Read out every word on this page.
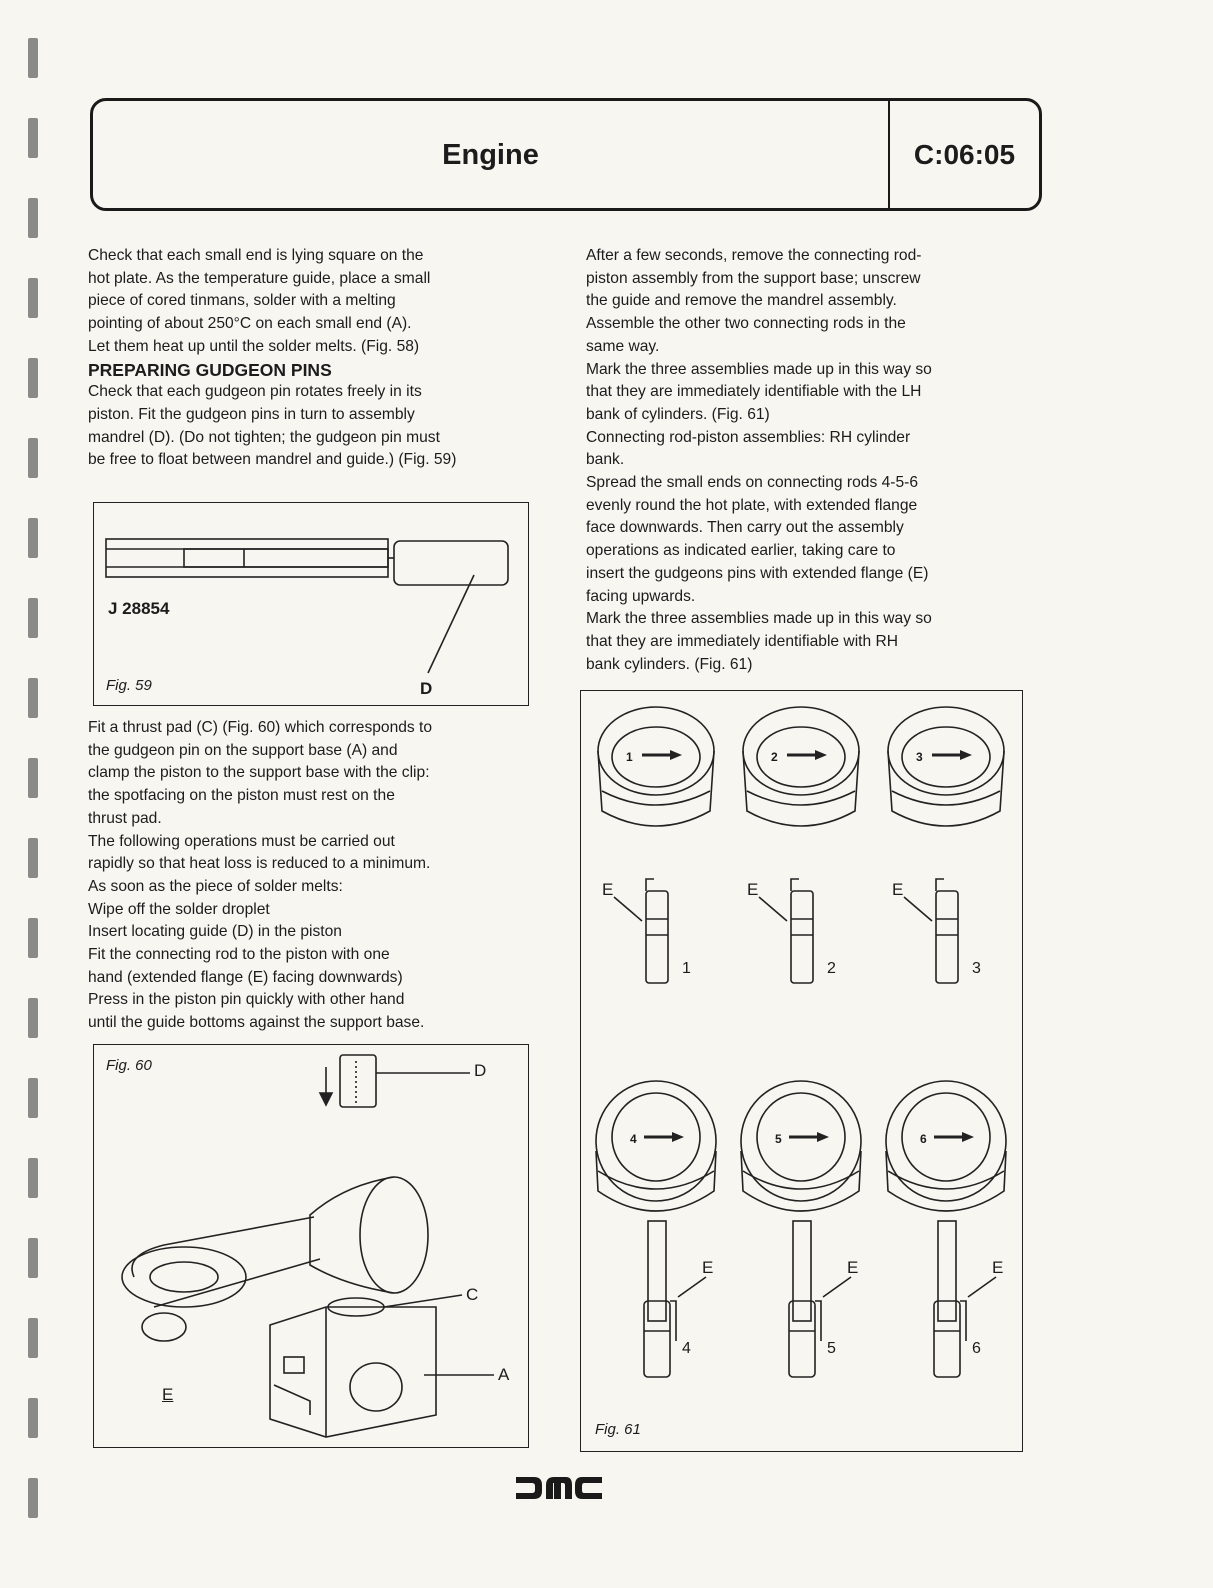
Engine	C:06:05

Check that each small end is lying square on the

hot plate. As the temperature guide, place a small

piece of cored tinmans, solder with a melting

pointing of about 250°C on each small end (A).

Let them heat up until the solder melts. (Fig. 58)

PREPARING GUDGEON PINS

Check that each gudgeon pin rotates freely in its

piston. Fit the gudgeon pins in turn to assembly

mandrel (D). (Do not tighten; the gudgeon pin must

be free to float between mandrel and guide.) (Fig. 59)

J 28854
Fig. 59	D

Fit a thrust pad (C) (Fig. 60) which corresponds to

the gudgeon pin on the support base (A) and

clamp the piston to the support base with the clip:

the spotfacing on the piston must rest on the

thrust pad.

The following operations must be carried out

rapidly so that heat loss is reduced to a minimum.

As soon as the piece of solder melts:

Wipe off the solder droplet

Insert locating guide (D) in the piston

Fit the connecting rod to the piston with one

hand (extended flange (E) facing downwards)

Press in the piston pin quickly with other hand

until the guide bottoms against the support base.

Fig. 60	D
C
A
E

After a few seconds, remove the connecting rod-

piston assembly from the support base; unscrew

the guide and remove the mandrel assembly.

Assemble the other two connecting rods in the

same way.

Mark the three assemblies made up in this way so

that they are immediately identifiable with the LH

bank of cylinders. (Fig. 61)

Connecting rod-piston assemblies: RH cylinder

bank.

Spread the small ends on connecting rods 4-5-6

evenly round the hot plate, with extended flange

face downwards. Then carry out the assembly

operations as indicated earlier, taking care to

insert the gudgeons pins with extended flange (E)

facing upwards.

Mark the three assemblies made up in this way so

that they are immediately identifiable with RH

bank cylinders. (Fig. 61)

1
E
1
2
E
2
3
E
3
4
E
4
5
E
5
6
E
6
Fig. 61
